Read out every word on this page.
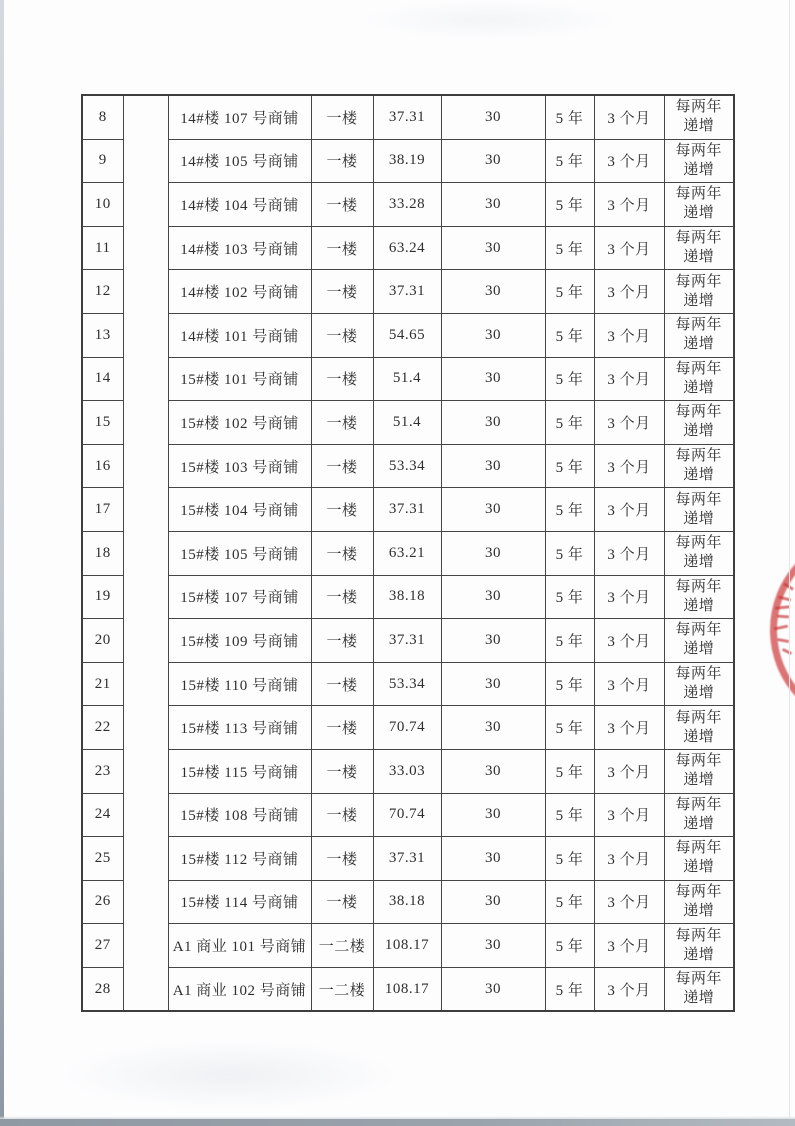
8		14#楼 107 号商铺	一楼	37.31	30	5 年	3 个月	每两年
递增

9		14#楼 105 号商铺	一楼	38.19	30	5 年	3 个月	每两年
递增

10		14#楼 104 号商铺	一楼	33.28	30	5 年	3 个月	每两年
递增

11		14#楼 103 号商铺	一楼	63.24	30	5 年	3 个月	每两年
递增

12		14#楼 102 号商铺	一楼	37.31	30	5 年	3 个月	每两年
递增

13		14#楼 101 号商铺	一楼	54.65	30	5 年	3 个月	每两年
递增

14		15#楼 101 号商铺	一楼	51.4	30	5 年	3 个月	每两年
递增

15		15#楼 102 号商铺	一楼	51.4	30	5 年	3 个月	每两年
递增

16		15#楼 103 号商铺	一楼	53.34	30	5 年	3 个月	每两年
递增

17		15#楼 104 号商铺	一楼	37.31	30	5 年	3 个月	每两年
递增

18		15#楼 105 号商铺	一楼	63.21	30	5 年	3 个月	每两年
递增

19		15#楼 107 号商铺	一楼	38.18	30	5 年	3 个月	每两年
递增

20		15#楼 109 号商铺	一楼	37.31	30	5 年	3 个月	每两年
递增

21		15#楼 110 号商铺	一楼	53.34	30	5 年	3 个月	每两年
递增

22		15#楼 113 号商铺	一楼	70.74	30	5 年	3 个月	每两年
递增

23		15#楼 115 号商铺	一楼	33.03	30	5 年	3 个月	每两年
递增

24		15#楼 108 号商铺	一楼	70.74	30	5 年	3 个月	每两年
递增

25		15#楼 112 号商铺	一楼	37.31	30	5 年	3 个月	每两年
递增

26		15#楼 114 号商铺	一楼	38.18	30	5 年	3 个月	每两年
递增

27		A1 商业 101 号商铺	一二楼	108.17	30	5 年	3 个月	每两年
递增

28		A1 商业 102 号商铺	一二楼	108.17	30	5 年	3 个月	每两年
递增
